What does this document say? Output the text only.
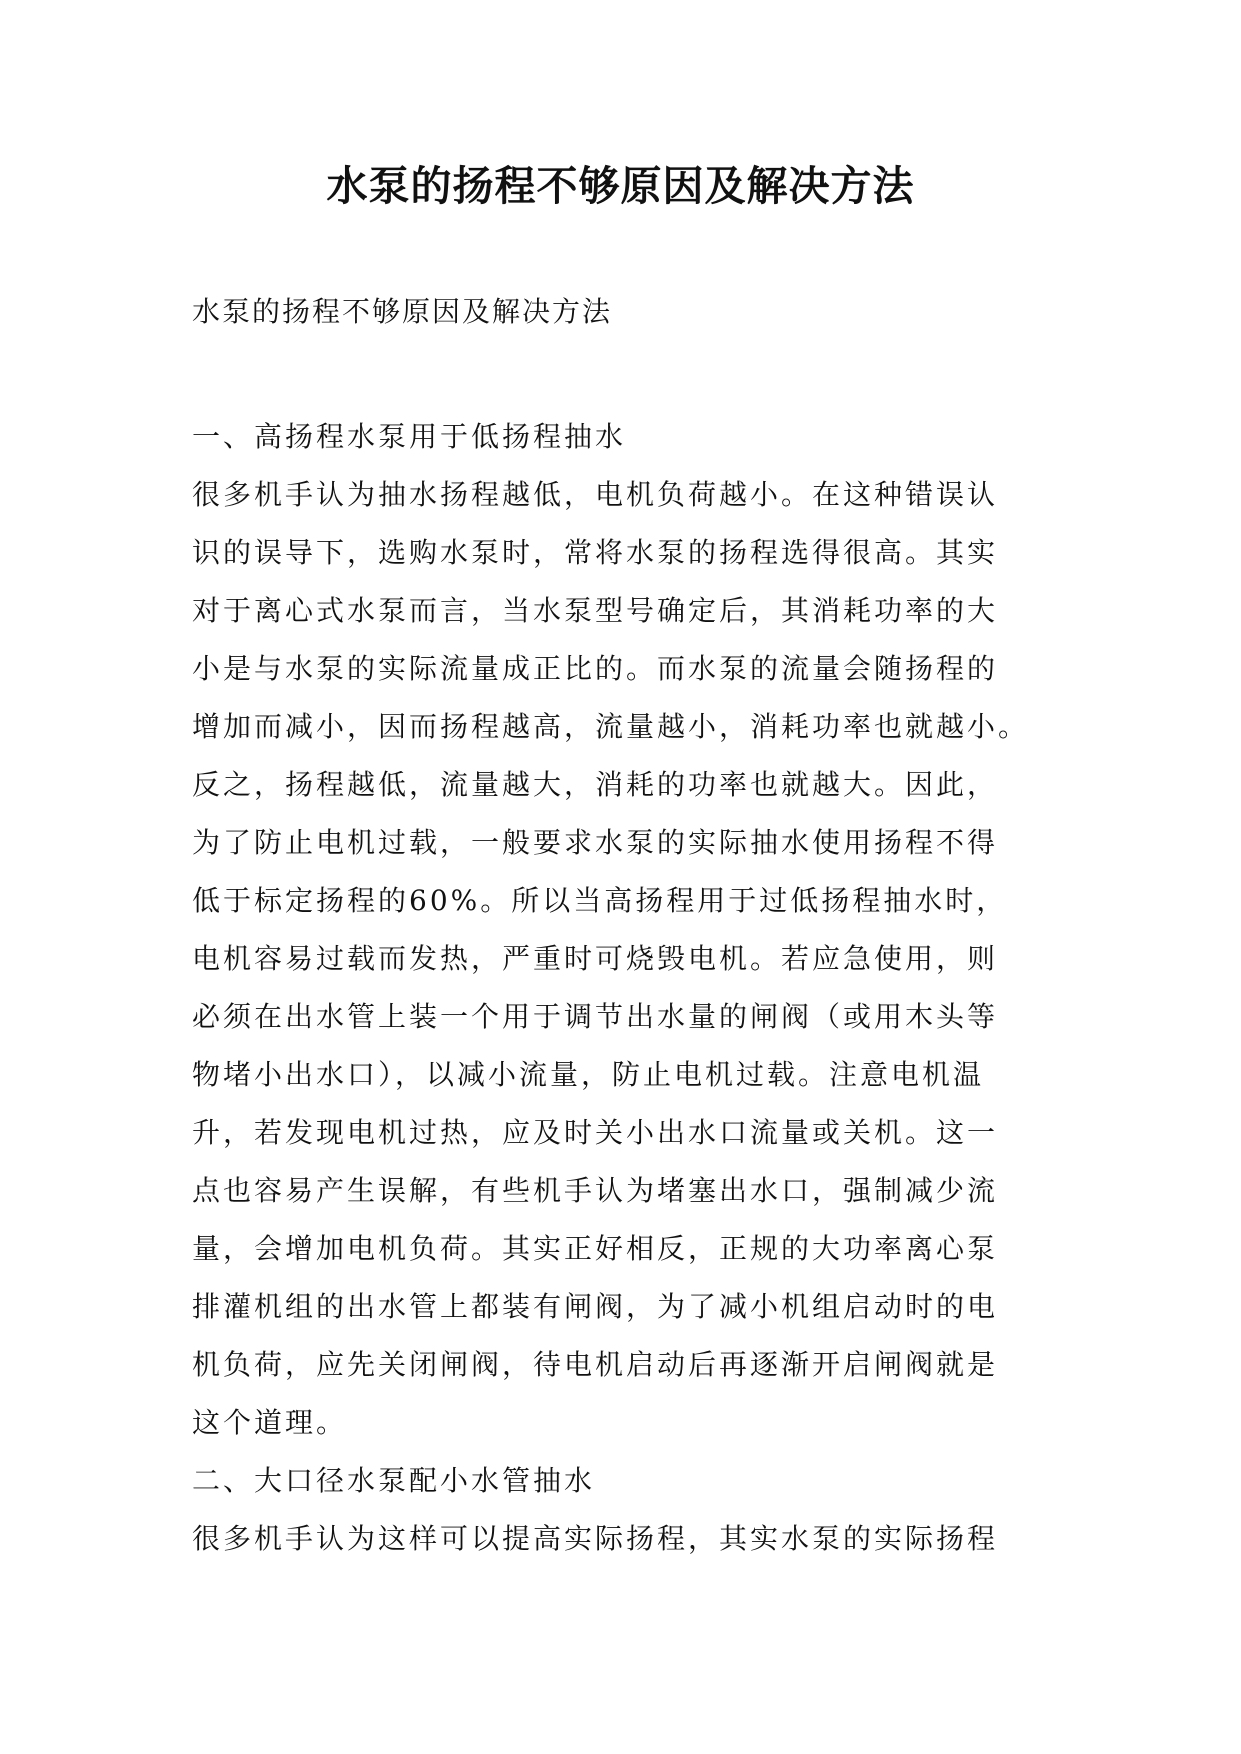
水泵的扬程不够原因及解决方法
水泵的扬程不够原因及解决方法
一、高扬程水泵用于低扬程抽水
很多机手认为抽水扬程越低，电机负荷越小。在这种错误认
识的误导下，选购水泵时，常将水泵的扬程选得很高。其实
对于离心式水泵而言，当水泵型号确定后，其消耗功率的大
小是与水泵的实际流量成正比的。而水泵的流量会随扬程的
增加而减小，因而扬程越高，流量越小，消耗功率也就越小。
反之，扬程越低，流量越大，消耗的功率也就越大。因此，
为了防止电机过载，一般要求水泵的实际抽水使用扬程不得
低于标定扬程的60%。所以当高扬程用于过低扬程抽水时，
电机容易过载而发热，严重时可烧毁电机。若应急使用，则
必须在出水管上装一个用于调节出水量的闸阀（或用木头等
物堵小出水口），以减小流量，防止电机过载。注意电机温
升，若发现电机过热，应及时关小出水口流量或关机。这一
点也容易产生误解，有些机手认为堵塞出水口，强制减少流
量，会增加电机负荷。其实正好相反，正规的大功率离心泵
排灌机组的出水管上都装有闸阀，为了减小机组启动时的电
机负荷，应先关闭闸阀，待电机启动后再逐渐开启闸阀就是
这个道理。
二、大口径水泵配小水管抽水
很多机手认为这样可以提高实际扬程，其实水泵的实际扬程
